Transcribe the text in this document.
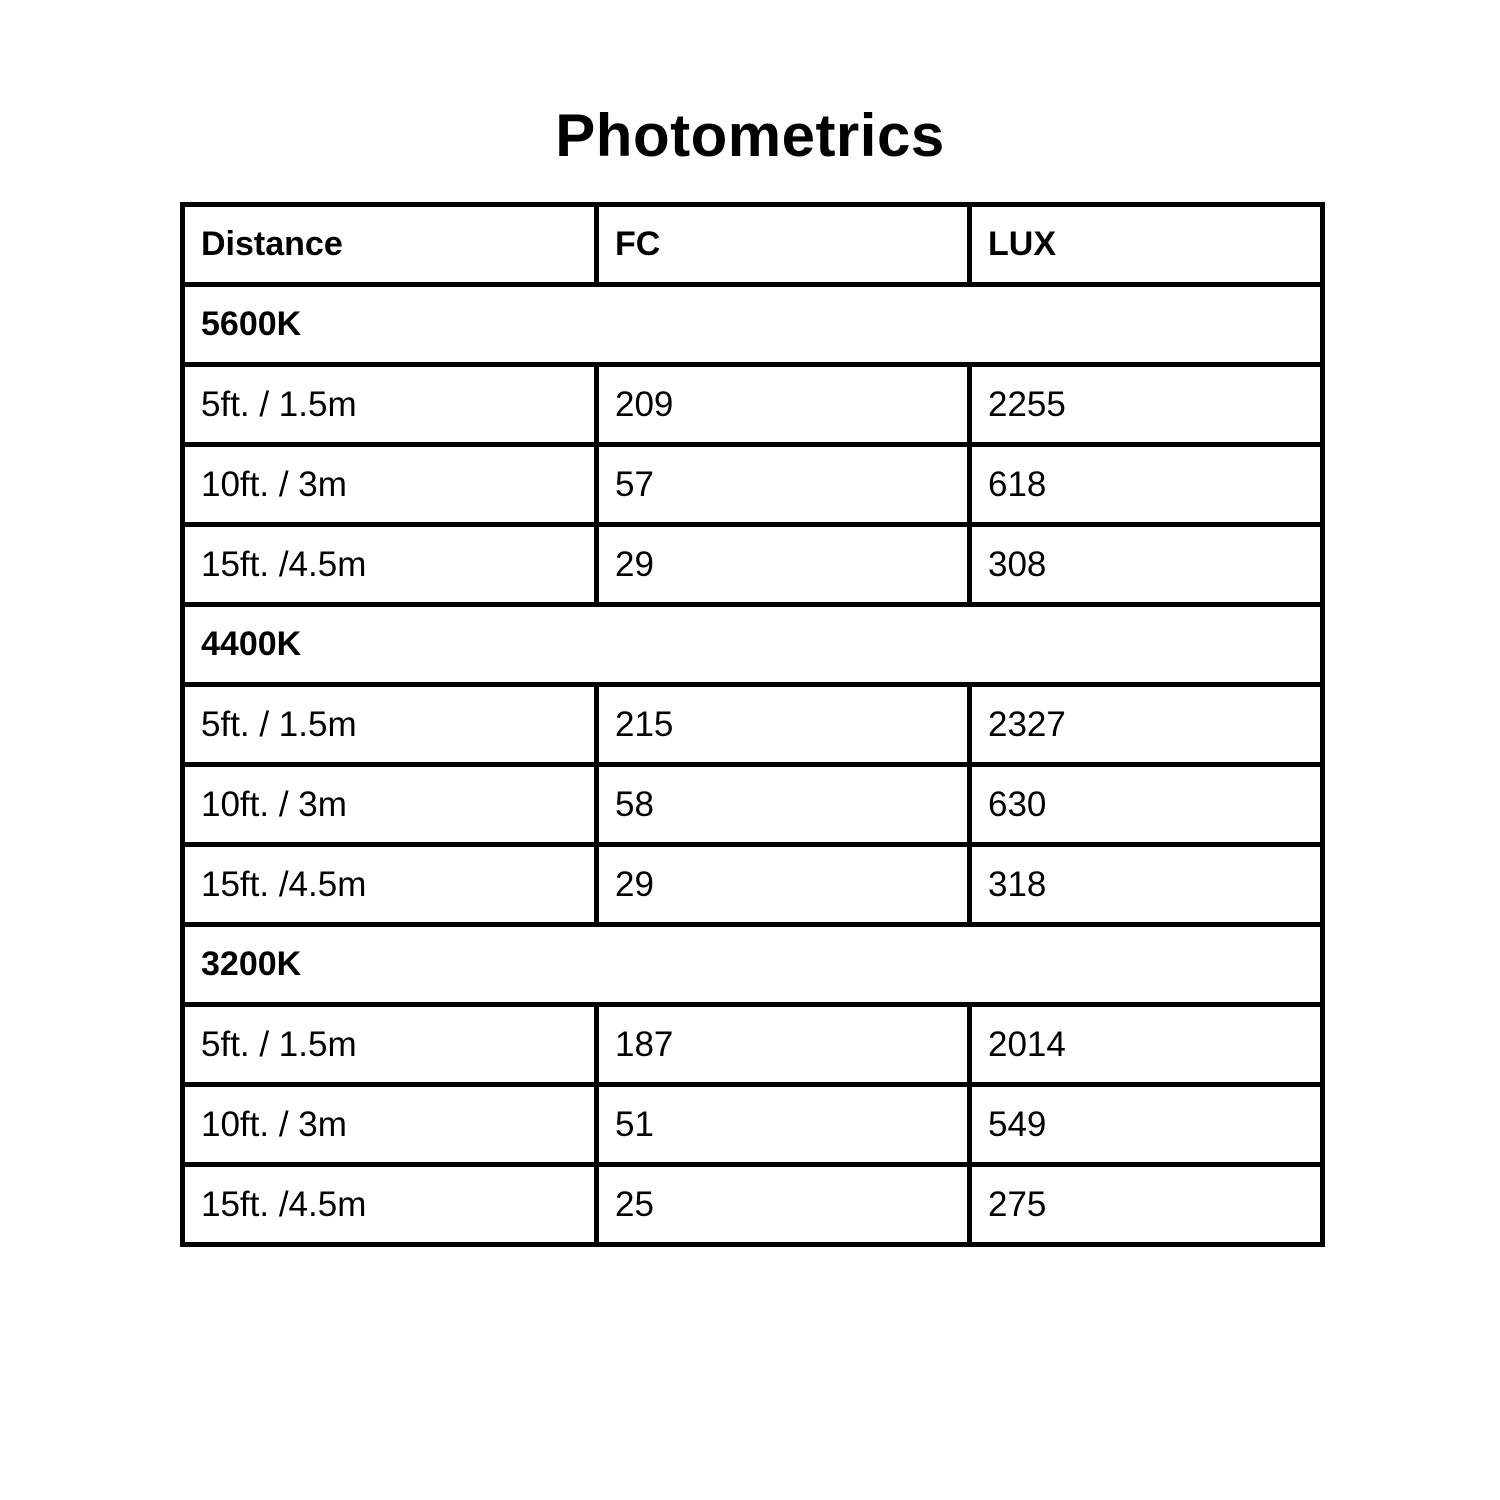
Photometrics
Distance	FC	LUX
5600K		
5ft. / 1.5m	209	2255
10ft. / 3m	57	618
15ft. /4.5m	29	308
4400K		
5ft. / 1.5m	215	2327
10ft. / 3m	58	630
15ft. /4.5m	29	318
3200K		
5ft. / 1.5m	187	2014
10ft. / 3m	51	549
15ft. /4.5m	25	275
